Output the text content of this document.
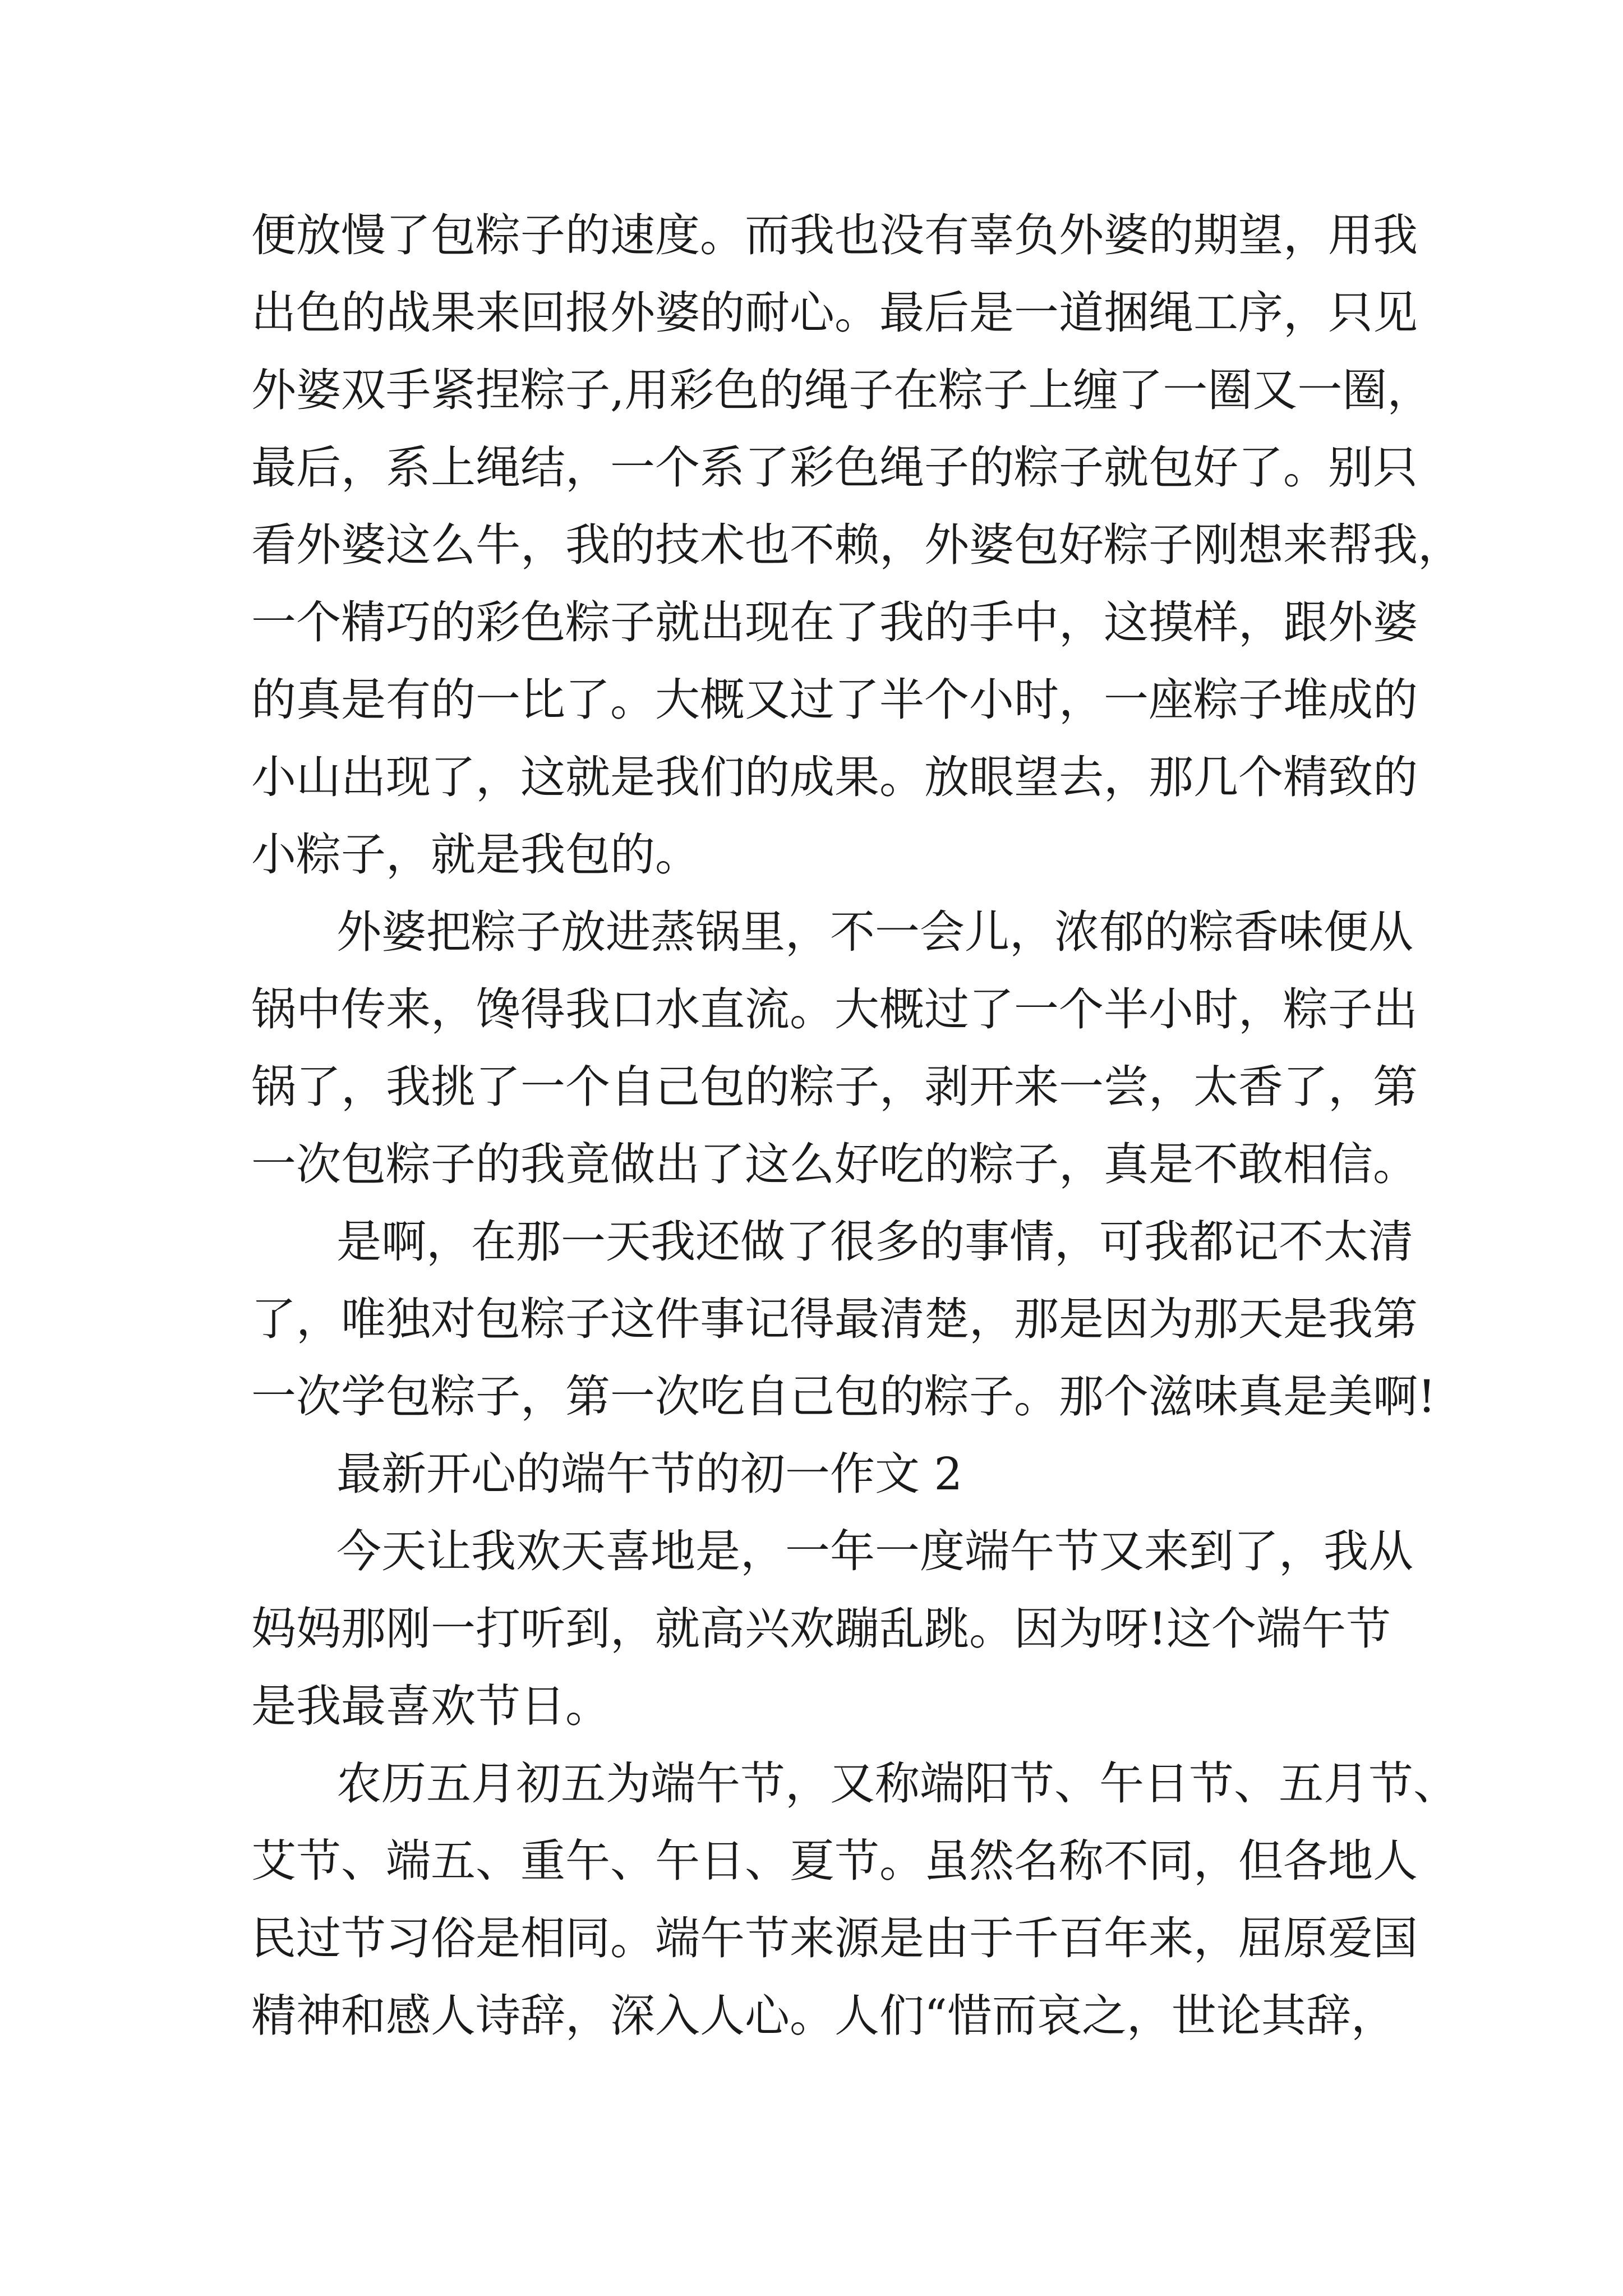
便放慢了包粽子的速度。而我也没有辜负外婆的期望，用我
出色的战果来回报外婆的耐心。最后是一道捆绳工序，只见
外婆双手紧捏粽子,用彩色的绳子在粽子上缠了一圈又一圈，
最后，系上绳结，一个系了彩色绳子的粽子就包好了。别只
看外婆这么牛，我的技术也不赖，外婆包好粽子刚想来帮我，
一个精巧的彩色粽子就出现在了我的手中，这摸样，跟外婆
的真是有的一比了。大概又过了半个小时，一座粽子堆成的
小山出现了，这就是我们的成果。放眼望去，那几个精致的
小粽子，就是我包的。
外婆把粽子放进蒸锅里，不一会儿，浓郁的粽香味便从
锅中传来，馋得我口水直流。大概过了一个半小时，粽子出
锅了，我挑了一个自己包的粽子，剥开来一尝，太香了，第
一次包粽子的我竟做出了这么好吃的粽子，真是不敢相信。
是啊，在那一天我还做了很多的事情，可我都记不太清
了，唯独对包粽子这件事记得最清楚，那是因为那天是我第
一次学包粽子，第一次吃自己包的粽子。那个滋味真是美啊!
最新开心的端午节的初一作文 2
今天让我欢天喜地是，一年一度端午节又来到了，我从
妈妈那刚一打听到，就高兴欢蹦乱跳。因为呀!这个端午节
是我最喜欢节日。
农历五月初五为端午节，又称端阳节、午日节、五月节、
艾节、端五、重午、午日、夏节。虽然名称不同，但各地人
民过节习俗是相同。端午节来源是由于千百年来，屈原爱国
精神和感人诗辞，深入人心。人们“惜而哀之，世论其辞，
